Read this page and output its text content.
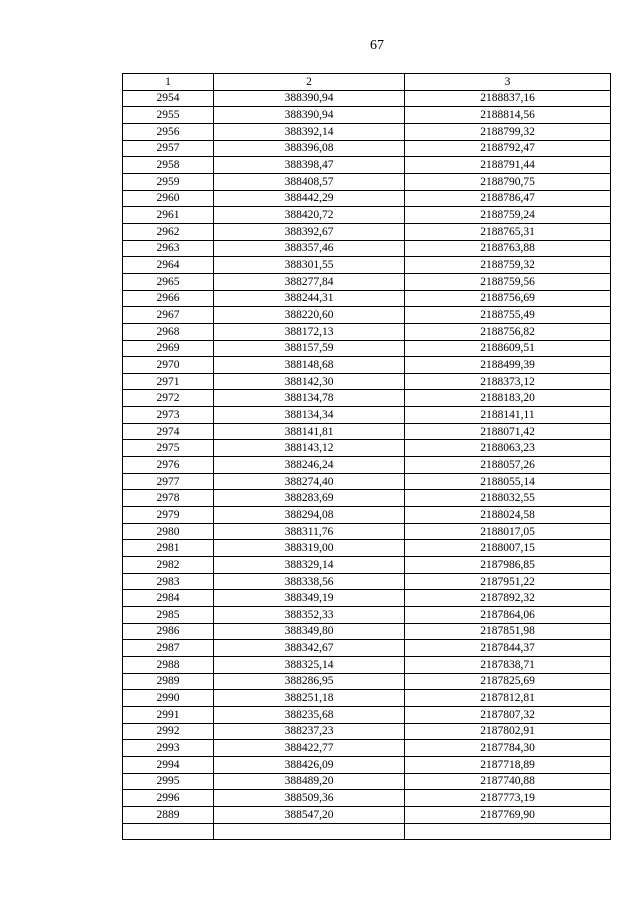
67
1	2	3
2954	388390,94	2188837,16
2955	388390,94	2188814,56
2956	388392,14	2188799,32
2957	388396,08	2188792,47
2958	388398,47	2188791,44
2959	388408,57	2188790,75
2960	388442,29	2188786,47
2961	388420,72	2188759,24
2962	388392,67	2188765,31
2963	388357,46	2188763,88
2964	388301,55	2188759,32
2965	388277,84	2188759,56
2966	388244,31	2188756,69
2967	388220,60	2188755,49
2968	388172,13	2188756,82
2969	388157,59	2188609,51
2970	388148,68	2188499,39
2971	388142,30	2188373,12
2972	388134,78	2188183,20
2973	388134,34	2188141,11
2974	388141,81	2188071,42
2975	388143,12	2188063,23
2976	388246,24	2188057,26
2977	388274,40	2188055,14
2978	388283,69	2188032,55
2979	388294,08	2188024,58
2980	388311,76	2188017,05
2981	388319,00	2188007,15
2982	388329,14	2187986,85
2983	388338,56	2187951,22
2984	388349,19	2187892,32
2985	388352,33	2187864,06
2986	388349,80	2187851,98
2987	388342,67	2187844,37
2988	388325,14	2187838,71
2989	388286,95	2187825,69
2990	388251,18	2187812,81
2991	388235,68	2187807,32
2992	388237,23	2187802,91
2993	388422,77	2187784,30
2994	388426,09	2187718,89
2995	388489,20	2187740,88
2996	388509,36	2187773,19
2889	388547,20	2187769,90
